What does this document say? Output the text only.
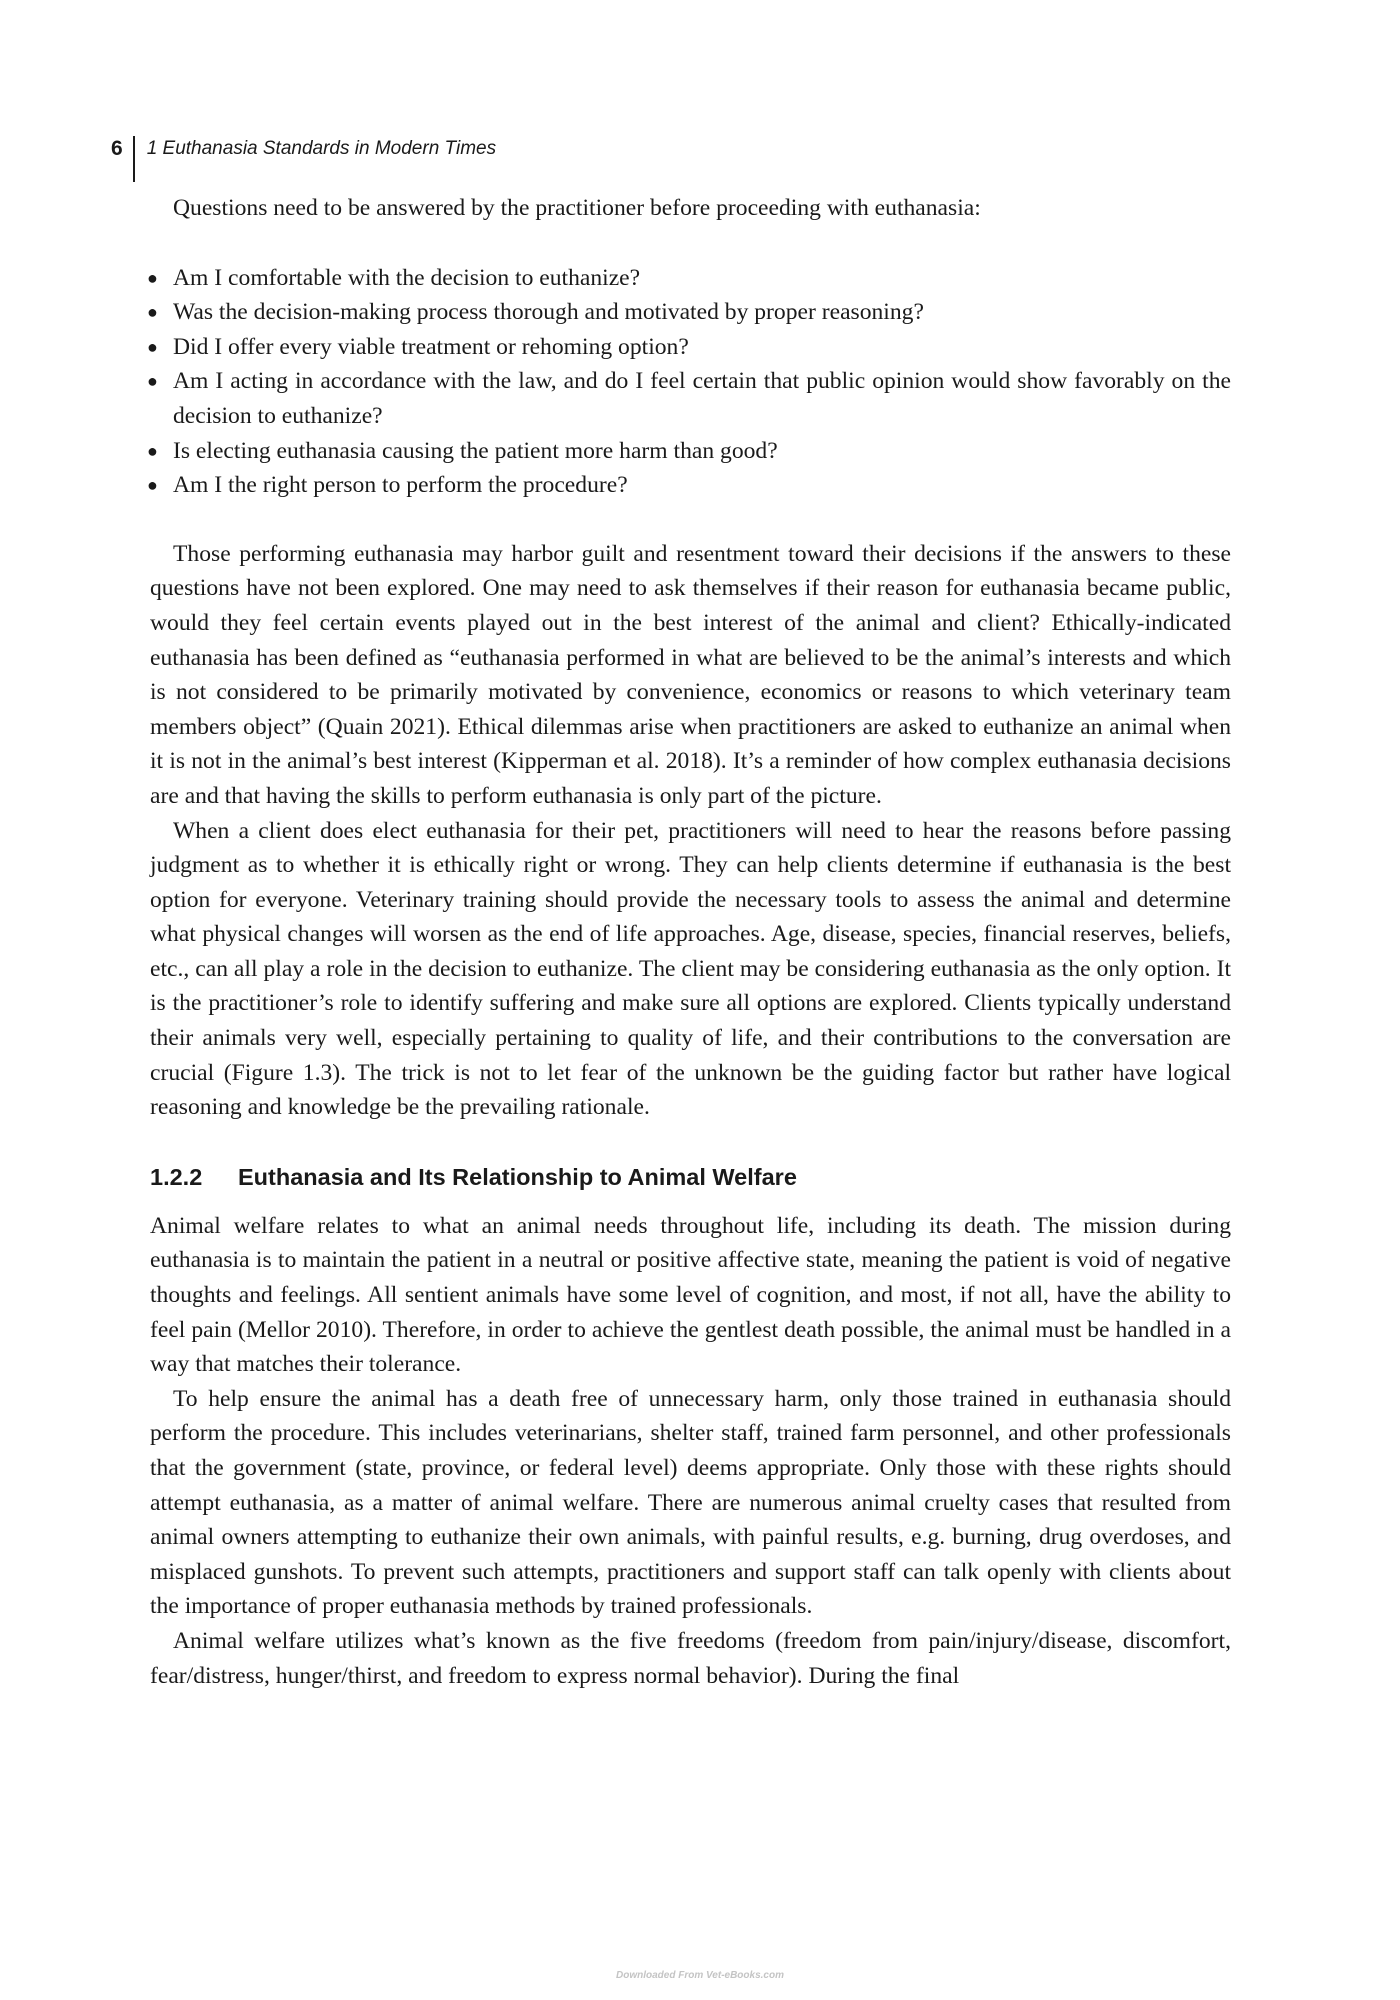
6 1 Euthanasia Standards in Modern Times

Questions need to be answered by the practitioner before proceeding with euthanasia:

● Am I comfortable with the decision to euthanize?
● Was the decision-making process thorough and motivated by proper reasoning?
● Did I offer every viable treatment or rehoming option?
● Am I acting in accordance with the law, and do I feel certain that public opinion would show favorably on the decision to euthanize?
● Is electing euthanasia causing the patient more harm than good?
● Am I the right person to perform the procedure?

Those performing euthanasia may harbor guilt and resentment toward their decisions if the answers to these questions have not been explored. One may need to ask themselves if their reason for euthanasia became public, would they feel certain events played out in the best interest of the animal and client? Ethically-indicated euthanasia has been defined as “euthanasia performed in what are believed to be the animal’s interests and which is not considered to be primarily motivated by convenience, economics or reasons to which veterinary team members object” (Quain 2021). Ethical dilemmas arise when practitioners are asked to euthanize an animal when it is not in the animal’s best interest (Kipperman et al. 2018). It’s a reminder of how complex euthanasia decisions are and that having the skills to perform euthanasia is only part of the picture.

When a client does elect euthanasia for their pet, practitioners will need to hear the reasons before passing judgment as to whether it is ethically right or wrong. They can help clients determine if euthanasia is the best option for everyone. Veterinary training should provide the necessary tools to assess the animal and determine what physical changes will worsen as the end of life approaches. Age, disease, species, financial reserves, beliefs, etc., can all play a role in the decision to euthanize. The client may be considering euthanasia as the only option. It is the practitioner’s role to identify suffering and make sure all options are explored. Clients typically understand their animals very well, especially pertaining to quality of life, and their contributions to the conversation are crucial (Figure 1.3). The trick is not to let fear of the unknown be the guiding factor but rather have logical reasoning and knowledge be the prevailing rationale.

1.2.2 Euthanasia and Its Relationship to Animal Welfare

Animal welfare relates to what an animal needs throughout life, including its death. The mission during euthanasia is to maintain the patient in a neutral or positive affective state, meaning the patient is void of negative thoughts and feelings. All sentient animals have some level of cognition, and most, if not all, have the ability to feel pain (Mellor 2010). Therefore, in order to achieve the gentlest death possible, the animal must be handled in a way that matches their tolerance.

To help ensure the animal has a death free of unnecessary harm, only those trained in euthanasia should perform the procedure. This includes veterinarians, shelter staff, trained farm personnel, and other professionals that the government (state, province, or federal level) deems appropriate. Only those with these rights should attempt euthanasia, as a matter of animal welfare. There are numerous animal cruelty cases that resulted from animal owners attempting to euthanize their own animals, with painful results, e.g. burning, drug overdoses, and misplaced gunshots. To prevent such attempts, practitioners and support staff can talk openly with clients about the importance of proper euthanasia methods by trained professionals.

Animal welfare utilizes what’s known as the five freedoms (freedom from pain/injury/disease, discomfort, fear/distress, hunger/thirst, and freedom to express normal behavior). During the final

Downloaded From Vet-eBooks.com
